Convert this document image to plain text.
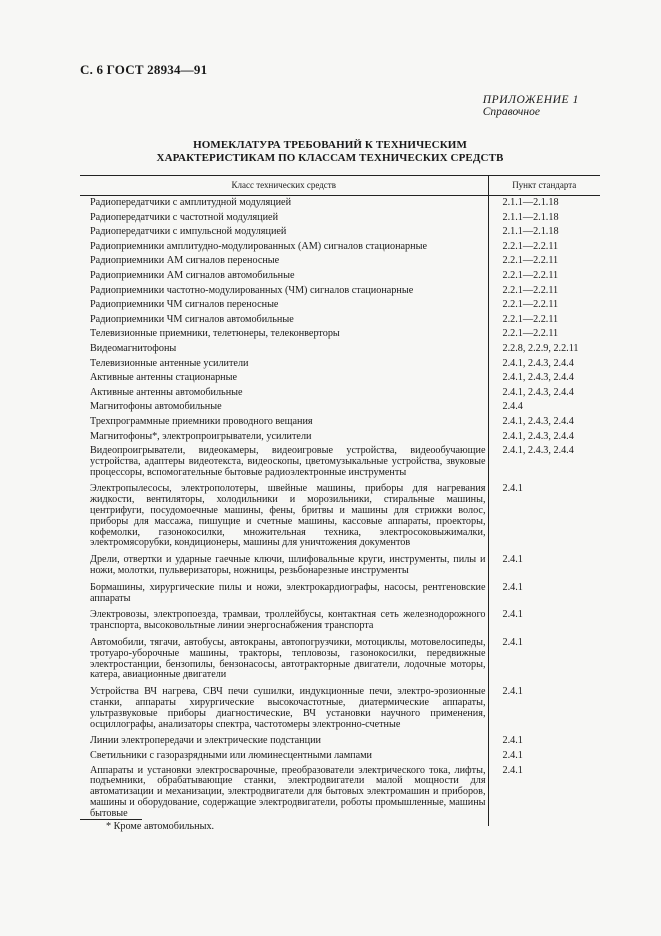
С. 6 ГОСТ 28934—91
ПРИЛОЖЕНИЕ 1
Справочное
НОМЕКЛАТУРА ТРЕБОВАНИЙ К ТЕХНИЧЕСКИМ
ХАРАКТЕРИСТИКАМ ПО КЛАССАМ ТЕХНИЧЕСКИХ СРЕДСТВ
Класс технических средств	Пункт стандарта
Радиопередатчики с амплитудной модуляцией	2.1.1—2.1.18
Радиопередатчики с частотной модуляцией	2.1.1—2.1.18
Радиопередатчики с импульсной модуляцией	2.1.1—2.1.18
Радиоприемники амплитудно-модулированных (АМ) сигналов стационарные	2.2.1—2.2.11
Радиоприемники АМ сигналов переносные	2.2.1—2.2.11
Радиоприемники АМ сигналов автомобильные	2.2.1—2.2.11
Радиоприемники частотно-модулированных (ЧМ) сигналов стационарные	2.2.1—2.2.11
Радиоприемники ЧМ сигналов переносные	2.2.1—2.2.11
Радиоприемники ЧМ сигналов автомобильные	2.2.1—2.2.11
Телевизионные приемники, телетюнеры, телеконверторы	2.2.1—2.2.11
Видеомагнитофоны	2.2.8, 2.2.9, 2.2.11
Телевизионные антенные усилители	2.4.1, 2.4.3, 2.4.4
Активные антенны стационарные	2.4.1, 2.4.3, 2.4.4
Активные антенны автомобильные	2.4.1, 2.4.3, 2.4.4
Магнитофоны автомобильные	2.4.4
Трехпрограммные приемники проводного вещания	2.4.1, 2.4.3, 2.4.4
Магнитофоны*, электропроигрыватели, усилители	2.4.1, 2.4.3, 2.4.4
Видеопроигрыватели, видеокамеры, видеоигровые устройства, видеообучающие устройства, адаптеры видеотекста, видеоскопы, цветомузыкальные устройства, звуковые процессоры, вспомогательные бытовые радиоэлектронные инструменты	2.4.1, 2.4.3, 2.4.4
Электропылесосы, электрополотеры, швейные машины, приборы для нагревания жидкости, вентиляторы, холодильники и морозильники, стиральные машины, центрифуги, посудомоечные машины, фены, бритвы и машины для стрижки волос, приборы для массажа, пишущие и счетные машины, кассовые аппараты, проекторы, кофемолки, газонокосилки, множительная техника, электросоковыжималки, электромясорубки, кондиционеры, машины для уничтожения документов	2.4.1
Дрели, отвертки и ударные гаечные ключи, шлифовальные круги, инструменты, пилы и ножи, молотки, пульверизаторы, ножницы, резьбонарезные инструменты	2.4.1
Бормашины, хирургические пилы и ножи, электрокардиографы, насосы, рентгеновские аппараты	2.4.1
Электровозы, электропоезда, трамваи, троллейбусы, контактная сеть железнодорожного транспорта, высоковольтные линии энергоснабжения транспорта	2.4.1
Автомобили, тягачи, автобусы, автокраны, автопогрузчики, мотоциклы, мотовелосипеды, тротуаро-уборочные машины, тракторы, тепловозы, газонокосилки, передвижные электростанции, бензопилы, бензонасосы, автотракторные двигатели, лодочные моторы, катера, авиационные двигатели	2.4.1
Устройства ВЧ нагрева, СВЧ печи сушилки, индукционные печи, электро-эрозионные станки, аппараты хирургические высокочастотные, диатермические аппараты, ультразвуковые приборы диагностические, ВЧ установки научного применения, осциллографы, анализаторы спектра, частотомеры электронно-счетные	2.4.1
Линии электропередачи и электрические подстанции	2.4.1
Светильники с газоразрядными или люминесцентными лампами	2.4.1
Аппараты и установки электросварочные, преобразователи электрического тока, лифты, подъемники, обрабатывающие станки, электродвигатели малой мощности для автоматизации и механизации, электродвигатели для бытовых электромашин и приборов, машины и оборудование, содержащие электродвигатели, роботы промышленные, машины бытовые	2.4.1
* Кроме автомобильных.
